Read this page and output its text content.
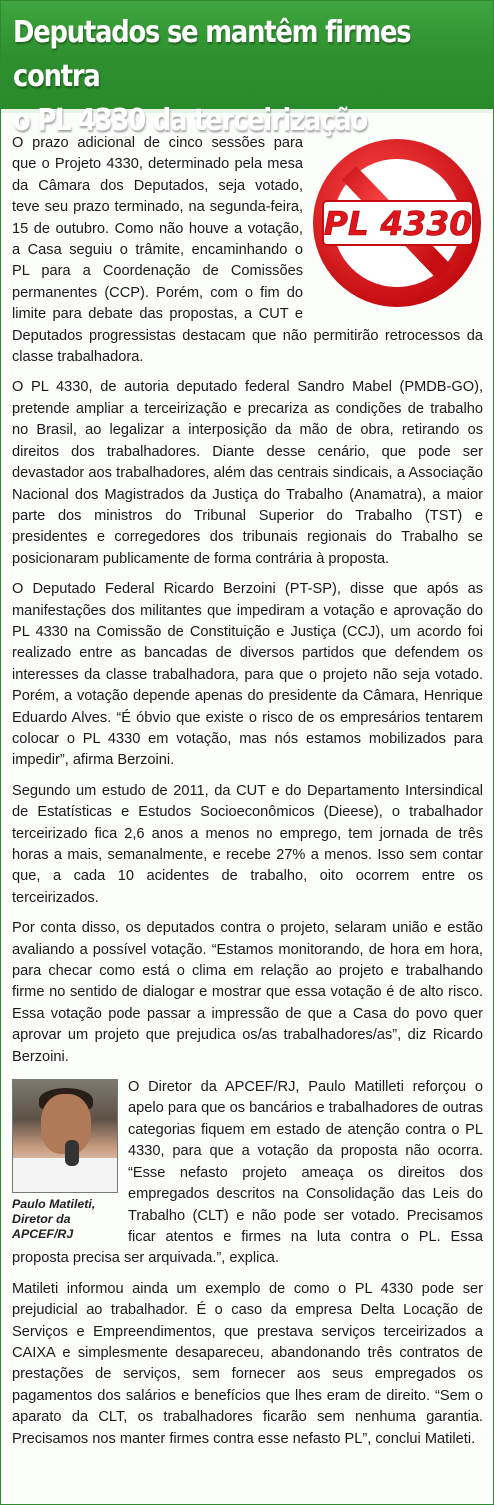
Deputados se mantêm firmes contra
o PL 4330 da terceirização
PL 4330

O prazo adicional de cinco sessões para que o Projeto 4330, determinado pela mesa da Câmara dos Deputados, seja votado, teve seu prazo terminado, na segunda-feira, 15 de outubro. Como não houve a votação, a Casa seguiu o trâmite, encaminhando o PL para a Coordenação de Comissões permanentes (CCP). Porém, com o fim do limite para debate das propostas, a CUT e Deputados progressistas destacam que não permitirão retrocessos da classe trabalhadora.

O PL 4330, de autoria deputado federal Sandro Mabel (PMDB-GO), pretende ampliar a terceirização e precariza as condições de trabalho no Brasil, ao legalizar a interposição da mão de obra, retirando os direitos dos trabalhadores. Diante desse cenário, que pode ser devastador aos trabalhadores, além das centrais sindicais, a Associação Nacional dos Magistrados da Justiça do Trabalho (Anamatra), a maior parte dos ministros do Tribunal Superior do Trabalho (TST) e presidentes e corregedores dos tribunais regionais do Trabalho se posicionaram publicamente de forma contrária à proposta.

O Deputado Federal Ricardo Berzoini (PT-SP), disse que após as manifestações dos militantes que impediram a votação e aprovação do PL 4330 na Comissão de Constituição e Justiça (CCJ), um acordo foi realizado entre as bancadas de diversos partidos que defendem os interesses da classe trabalhadora, para que o projeto não seja votado. Porém, a votação depende apenas do presidente da Câmara, Henrique Eduardo Alves. “É óbvio que existe o risco de os empresários tentarem colocar o PL 4330 em votação, mas nós estamos mobilizados para impedir”, afirma Berzoini.

Segundo um estudo de 2011, da CUT e do Departamento Intersindical de Estatísticas e Estudos Socioeconômicos (Dieese), o trabalhador terceirizado fica 2,6 anos a menos no emprego, tem jornada de três horas a mais, semanalmente, e recebe 27% a menos. Isso sem contar que, a cada 10 acidentes de trabalho, oito ocorrem entre os terceirizados.

Por conta disso, os deputados contra o projeto, selaram união e estão avaliando a possível votação. “Estamos monitorando, de hora em hora, para checar como está o clima em relação ao projeto e trabalhando firme no sentido de dialogar e mostrar que essa votação é de alto risco. Essa votação pode passar a impressão de que a Casa do povo quer aprovar um projeto que prejudica os/as trabalhadores/as”, diz Ricardo Berzoini.

Paulo Matileti,
Diretor da
APCEF/RJ

O Diretor da APCEF/RJ, Paulo Matilleti reforçou o apelo para que os bancários e trabalhadores de outras categorias fiquem em estado de atenção contra o PL 4330, para que a votação da proposta não ocorra. “Esse nefasto projeto ameaça os direitos dos empregados descritos na Consolidação das Leis do Trabalho (CLT) e não pode ser votado. Precisamos ficar atentos e firmes na luta contra o PL. Essa proposta precisa ser arquivada.”, explica.

Matileti informou ainda um exemplo de como o PL 4330 pode ser prejudicial ao trabalhador. É o caso da empresa Delta Locação de Serviços e Empreendimentos, que prestava serviços terceirizados a CAIXA e simplesmente desapareceu, abandonando três contratos de prestações de serviços, sem fornecer aos seus empregados os pagamentos dos salários e benefícios que lhes eram de direito. “Sem o aparato da CLT, os trabalhadores ficarão sem nenhuma garantia. Precisamos nos manter firmes contra esse nefasto PL”, conclui Matileti.
